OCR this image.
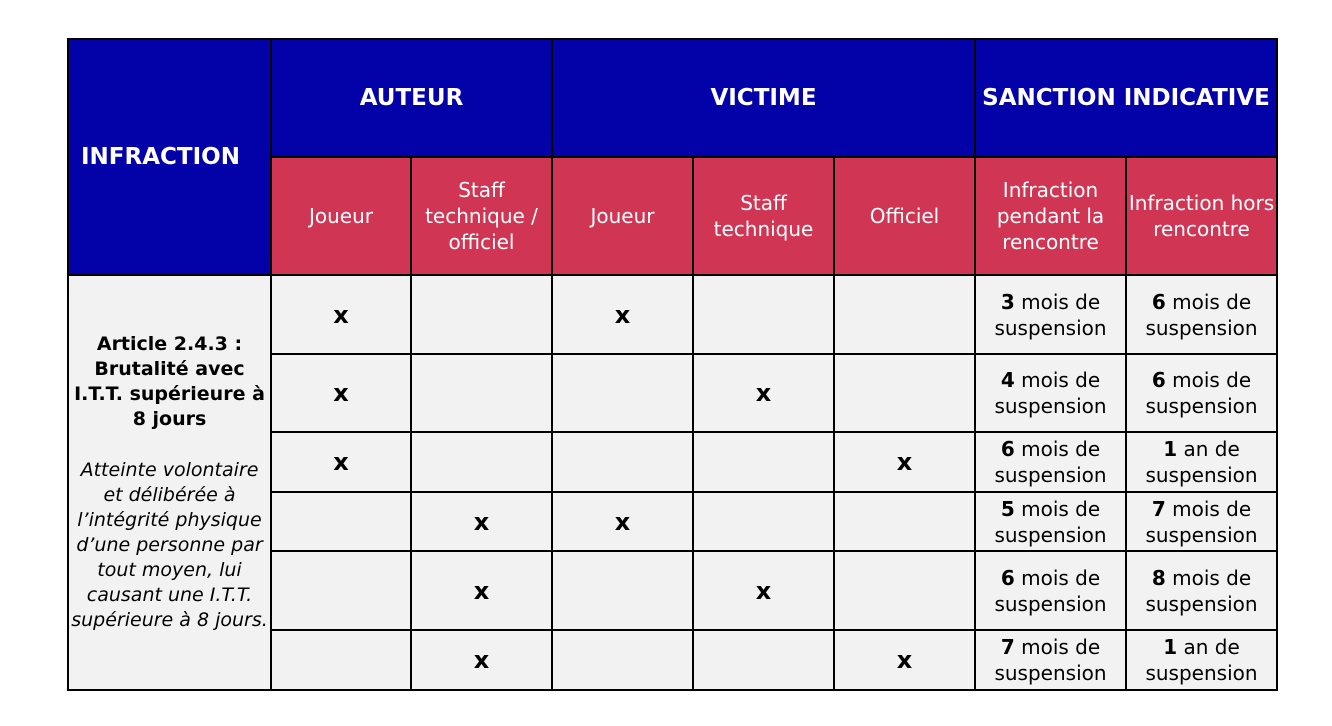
INFRACTION	AUTEUR		VICTIME			SANCTION INDICATIVE	
	Joueur	Staff technique / officiel	Joueur	Staff technique	Officiel	Infraction pendant la rencontre	Infraction hors rencontre

Article 2.4.3 : Brutalité avec I.T.T. supérieure à 8 jours
Atteinte volontaire et délibérée à l’intégrité physique d’une personne par tout moyen, lui causant une I.T.T. supérieure à 8 jours.	x		x			3 mois de suspension	6 mois de suspension
	x			x		4 mois de suspension	6 mois de suspension
	x				x	6 mois de suspension	1 an de suspension
		x	x			5 mois de suspension	7 mois de suspension
		x		x		6 mois de suspension	8 mois de suspension
		x			x	7 mois de suspension	1 an de suspension
